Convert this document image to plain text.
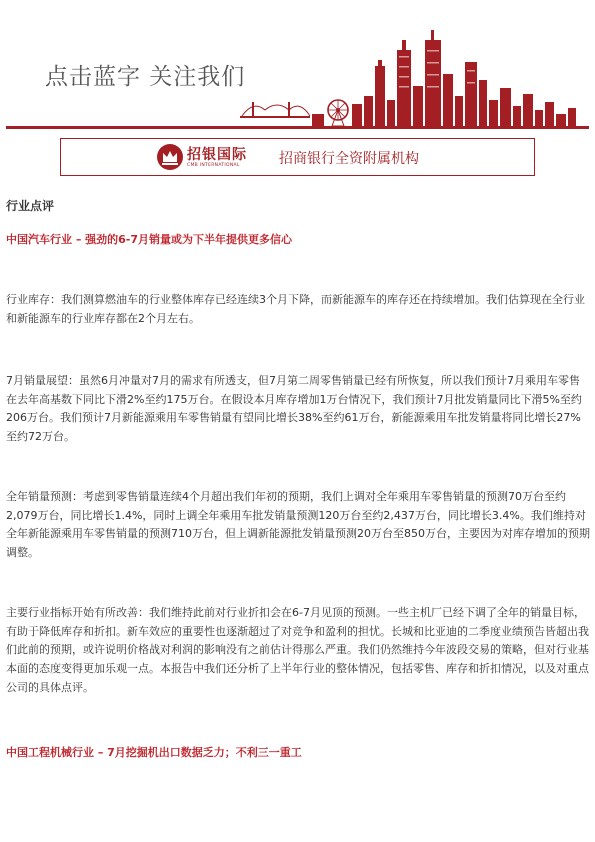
点击蓝字 关注我们
招银国际
CMB INTERNATIONAL	招商银行全资附属机构
行业点评
中国汽车行业 – 强劲的6-7月销量或为下半年提供更多信心

行业库存：我们测算燃油车的行业整体库存已经连续3个月下降，而新能源车的库存还在持续增加。我们估算现在全行业和新能源车的行业库存都在2个月左右。

7月销量展望：虽然6月冲量对7月的需求有所透支，但7月第二周零售销量已经有所恢复，所以我们预计7月乘用车零售在去年高基数下同比下滑2%至约175万台。在假设本月库存增加1万台情况下，我们预计7月批发销量同比下滑5%至约206万台。我们预计7月新能源乘用车零售销量有望同比增长38%至约61万台，新能源乘用车批发销量将同比增长27%至约72万台。

全年销量预测：考虑到零售销量连续4个月超出我们年初的预期，我们上调对全年乘用车零售销量的预测70万台至约2,079万台，同比增长1.4%，同时上调全年乘用车批发销量预测120万台至约2,437万台，同比增长3.4%。我们维持对全年新能源乘用车零售销量的预测710万台，但上调新能源批发销量预测20万台至850万台，主要因为对库存增加的预期调整。

主要行业指标开始有所改善：我们维持此前对行业折扣会在6-7月见顶的预测。一些主机厂已经下调了全年的销量目标，有助于降低库存和折扣。新车效应的重要性也逐渐超过了对竞争和盈利的担忧。长城和比亚迪的二季度业绩预告皆超出我们此前的预期，或许说明价格战对利润的影响没有之前估计得那么严重。我们仍然维持今年波段交易的策略，但对行业基本面的态度变得更加乐观一点。本报告中我们还分析了上半年行业的整体情况，包括零售、库存和折扣情况，以及对重点公司的具体点评。

中国工程机械行业 – 7月挖掘机出口数据乏力；不利三一重工
